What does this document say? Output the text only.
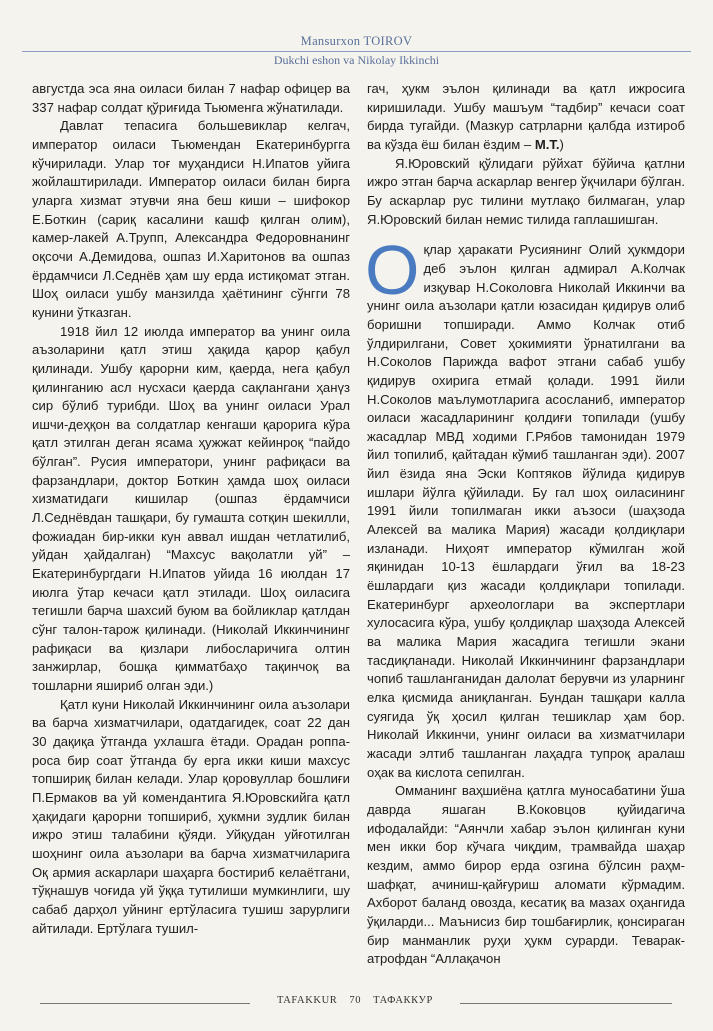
Mansurxon TOIROV
Dukchi eshon va Nikolay Ikkinchi

августда эса яна оиласи билан 7 нафар офицер ва 337 нафар солдат қўриғида Тьюменга жўнатилади.

Давлат тепасига большевиклар келгач, император оиласи Тьюмендан Екатеринбургга кўчирилади. Улар тоғ муҳандиси Н.Ипатов уйига жойлаштирилади. Император оиласи билан бирга уларга хизмат этувчи яна беш киши – шифокор Е.Боткин (сариқ касалини кашф қилган олим), камер-лакей А.Трупп, Александра Федоровнанинг оқсочи А.Демидова, ошпаз И.Харитонов ва ошпаз ёрдамчиси Л.Седнёв ҳам шу ерда истиқомат этган. Шоҳ оиласи ушбу манзилда ҳаётининг сўнгги 78 кунини ўтказган.

1918 йил 12 июлда император ва унинг оила аъзоларини қатл этиш ҳақида қарор қабул қилинади. Ушбу қарорни ким, қаерда, нега қабул қилинганию асл нусхаси қаерда сақлангани ҳанүз сир бўлиб турибди. Шоҳ ва унинг оиласи Урал ишчи-деҳқон ва солдатлар кенгаши қарорига кўра қатл этилган деган ясама ҳужжат кейинроқ “пайдо бўлган”. Русия императори, унинг рафиқаси ва фарзандлари, доктор Боткин ҳамда шоҳ оиласи хизматидаги кишилар (ошпаз ёрдамчиси Л.Седнёвдан ташқари, бу гумашта сотқин шекилли, фожиадан бир-икки кун аввал ишдан четлатилиб, уйдан ҳайдалган) “Махсус вақолатли уй” – Екатеринбургдаги Н.Ипатов уйида 16 июлдан 17 июлга ўтар кечаси қатл этилади. Шоҳ оиласига тегишли барча шахсий буюм ва бойликлар қатлдан сўнг талон-тарож қилинади. (Николай Иккинчининг рафиқаси ва қизлари либосларичига олтин занжирлар, бошқа қимматбаҳо тақинчоқ ва тошларни яшириб олган эди.)

Қатл куни Николай Иккинчининг оила аъзолари ва барча хизматчилари, одатдагидек, соат 22 дан 30 дақиқа ўтганда ухлашга ётади. Орадан роппа-роса бир соат ўтганда бу ерга икки киши махсус топшириқ билан келади. Улар қоровуллар бошлиғи П.Ермаков ва уй комендантига Я.Юровскийга қатл ҳақидаги қарорни топшириб, ҳукмни зудлик билан ижро этиш талабини қўяди. Уйқудан уйғотилган шоҳнинг оила аъзолари ва барча хизматчиларига Оқ армия аскарлари шаҳарга бостириб келаётгани, тўқнашув чоғида уй ўққа тутилиши мумкинлиги, шу сабаб дарҳол уйнинг ертўласига тушиш зарурлиги айтилади. Ертўлага тушил-

гач, ҳукм эълон қилинади ва қатл ижросига киришилади. Ушбу машъум “тадбир” кечаси соат бирда тугайди. (Мазкур сатрларни қалбда изтироб ва кўзда ёш билан ёздим – М.Т.)

Я.Юровский қўлидаги рўйхат бўйича қатлни ижро этган барча аскарлар венгер ўқчилари бўлган. Бу аскарлар рус тилини мутлақо билмаган, улар Я.Юровский билан немис тилида гаплашишган.

Оқлар ҳаракати Русиянинг Олий ҳукмдори деб эълон қилган адмирал А.Колчак изқувар Н.Соколовга Николай Иккинчи ва унинг оила аъзолари қатли юзасидан қидирув олиб боришни топширади. Аммо Колчак отиб ўлдирилгани, Совет ҳокимияти ўрнатилгани ва Н.Соколов Парижда вафот этгани сабаб ушбу қидирув охирига етмай қолади. 1991 йили Н.Соколов маълумотларига асосланиб, император оиласи жасадларининг қолдиғи топилади (ушбу жасадлар МВД ходими Г.Рябов тамонидан 1979 йил топилиб, қайтадан кўмиб ташланган эди). 2007 йил ёзида яна Эски Коптяков йўлида қидирув ишлари йўлга қўйилади. Бу гал шоҳ оиласининг 1991 йили топилмаган икки аъзоси (шаҳзода Алексей ва малика Мария) жасади қолдиқлари изланади. Ниҳоят император кўмилган жой яқинидан 10-13 ёшлардаги ўғил ва 18-23 ёшлардаги қиз жасади қолдиқлари топилади. Екатеринбург археологлари ва экспертлари хулосасига кўра, ушбу қолдиқлар шаҳзода Алексей ва малика Мария жасадига тегишли экани тасдиқланади. Николай Иккинчининг фарзандлари чопиб ташланганидан далолат берувчи из уларнинг елка қисмида аниқланган. Бундан ташқари калла суягида ўқ ҳосил қилган тешиклар ҳам бор. Николай Иккинчи, унинг оиласи ва хизматчилари жасади элтиб ташланган лаҳадга тупроқ аралаш оҳак ва кислота сепилган.

Омманинг ваҳшиёна қатлга муносабатини ўша даврда яшаган В.Коковцов қуйидагича ифодалайди: “Аянчли хабар эълон қилинган куни мен икки бор кўчага чиқдим, трамвайда шаҳар кездим, аммо бирор ерда озгина бўлсин раҳм-шафқат, ачиниш-қайғуриш аломати кўрмадим. Ахборот баланд овозда, кесатиқ ва мазах оҳангида ўқиларди... Маънисиз бир тошбағирлик, қонсираган бир манманлик руҳи ҳукм сурарди. Теварак-атрофдан “Аллақачон

TAFAKKUR 70 ТАФАККУР
